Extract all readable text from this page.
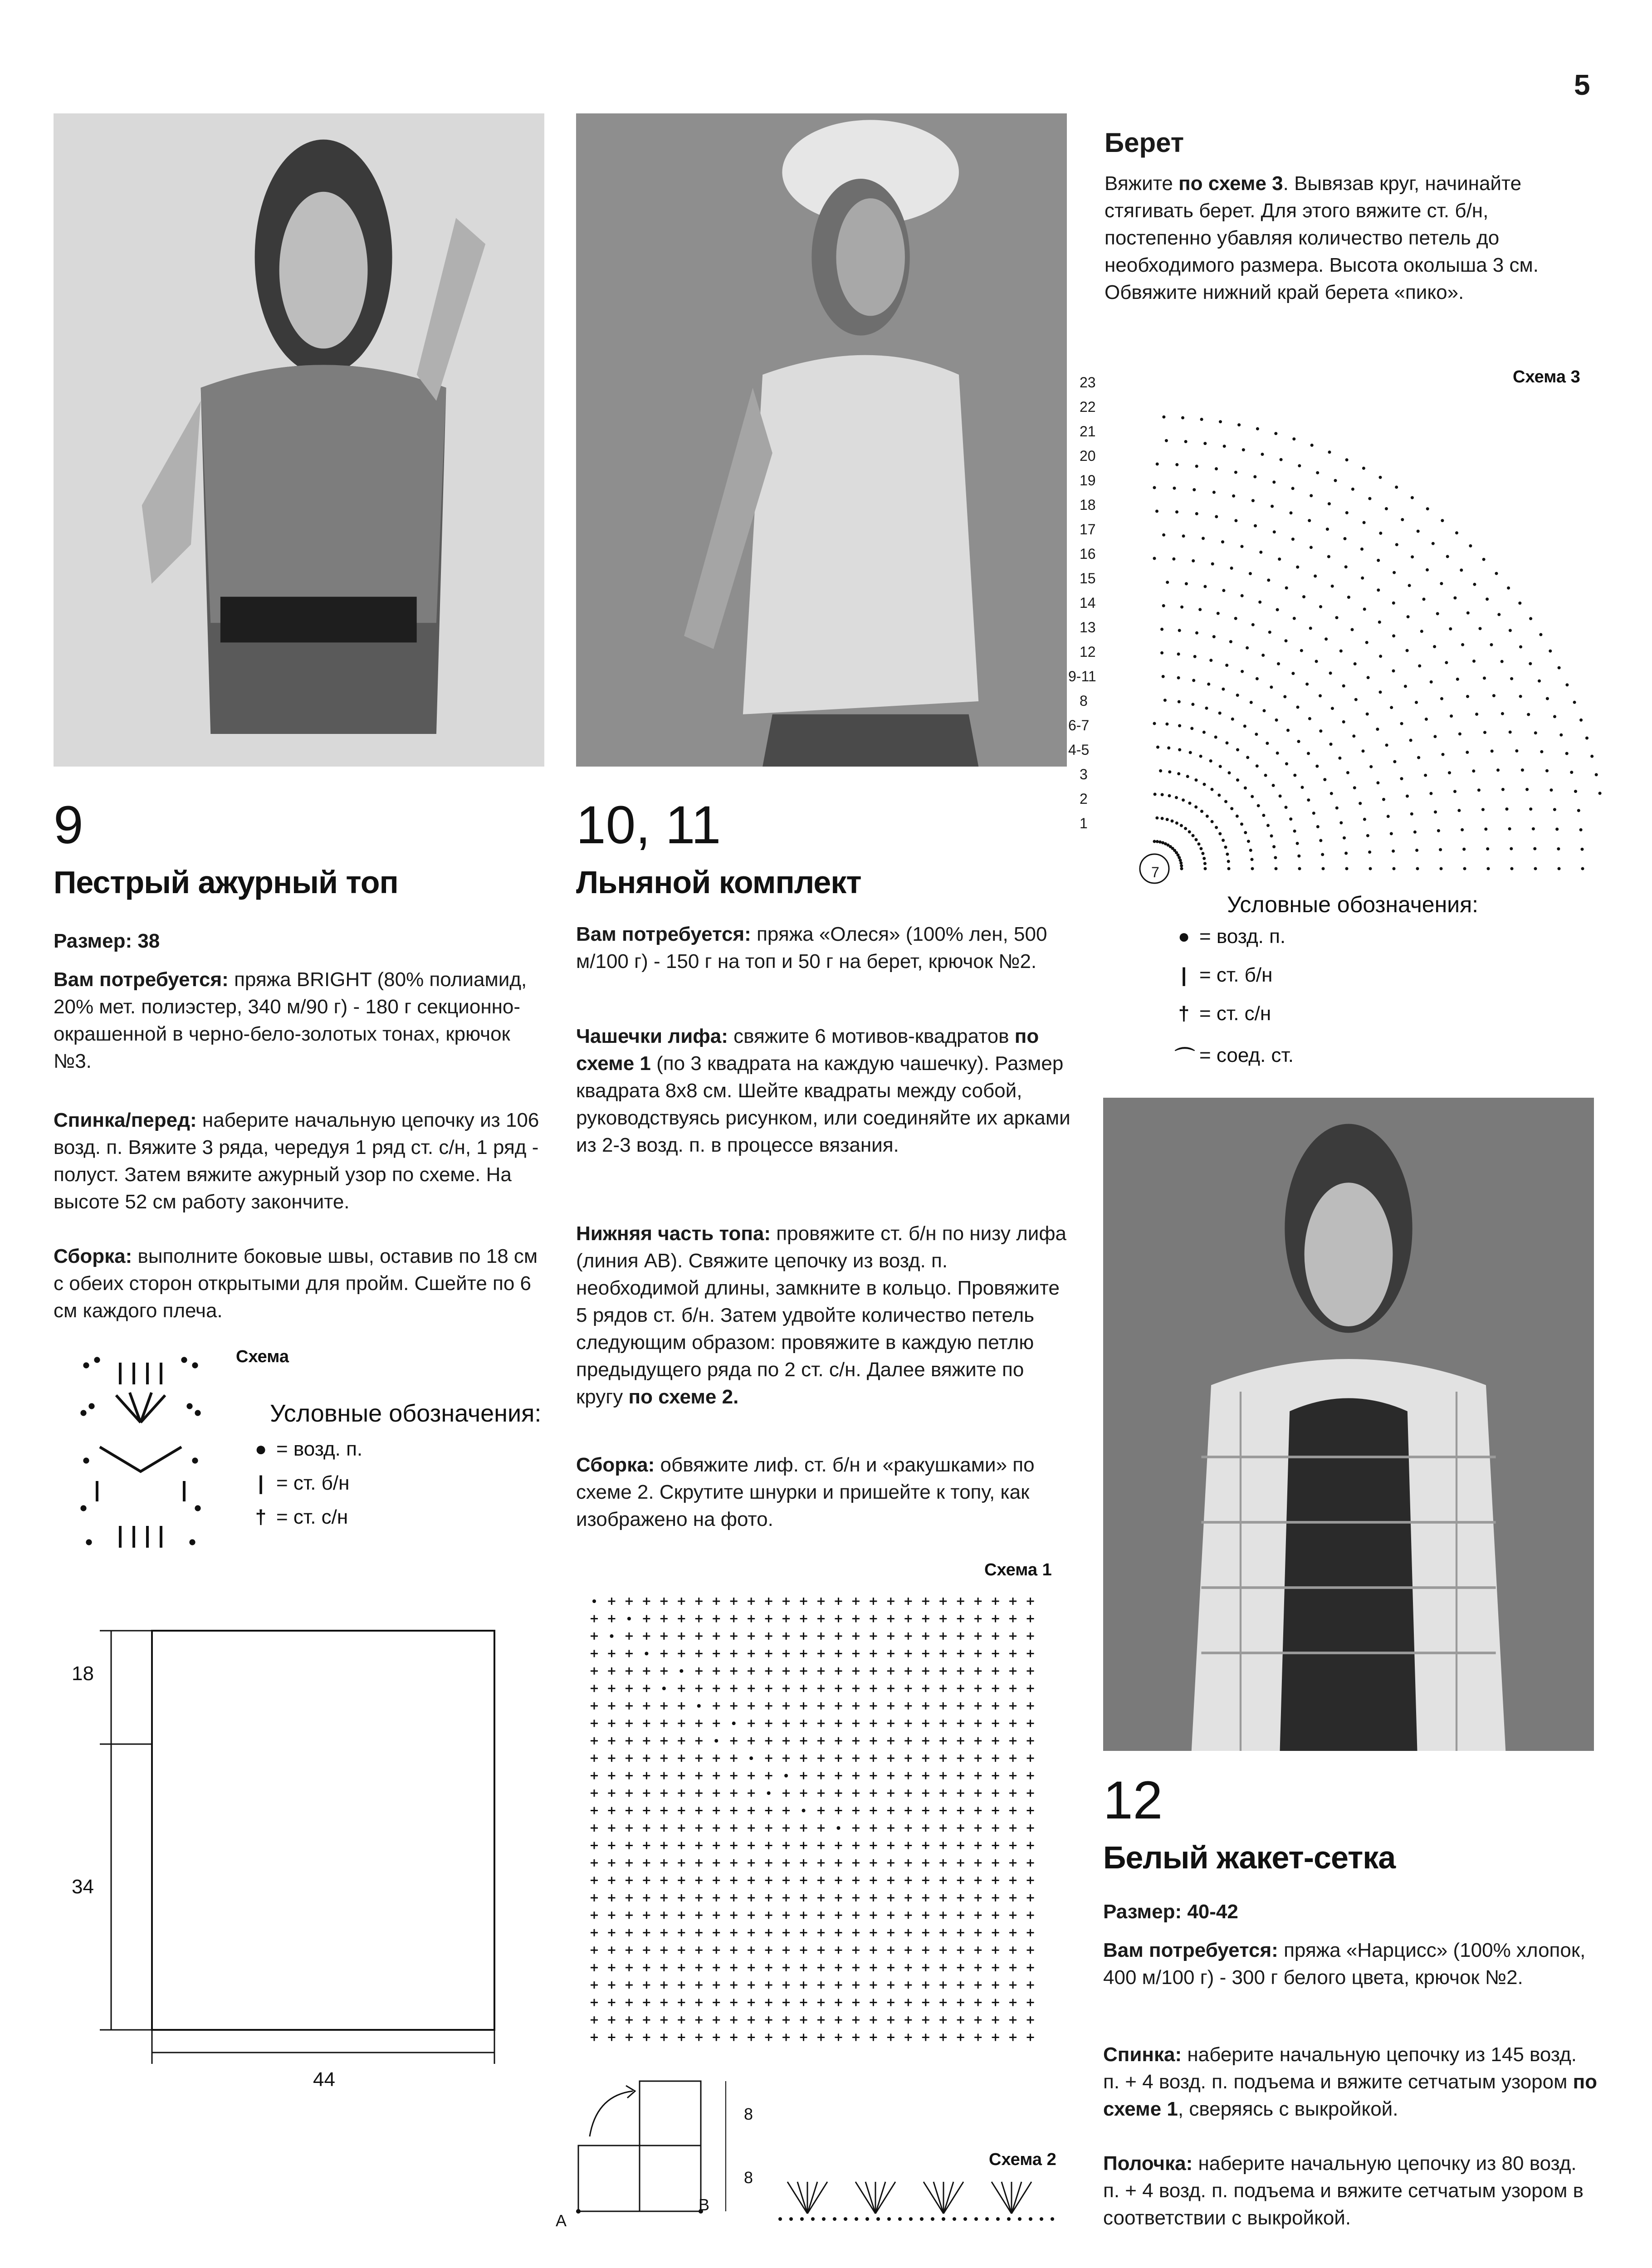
5
9
Пестрый ажурный топ
Размер: 38
Вам потребуется: пряжа BRIGHT (80% полиамид, 20% мет. полиэстер, 340 м/90 г) - 180 г секционно-окрашенной в черно-бело-золотых тонах, крючок №3.
Спинка/перед: наберите начальную цепочку из 106 возд. п. Вяжите 3 ряда, чередуя 1 ряд ст. с/н, 1 ряд - полуст. Затем вяжите ажурный узор по схеме. На высоте 52 см работу закончите.
Сборка: выполните боковые швы, оставив по 18 см с обеих сторон открытыми для пройм. Сшейте по 6 см каждого плеча.
Схема
Условные обозначения:
● = возд. п.
| = ст. б/н
† = ст. с/н
18
34
44
10, 11
Льняной комплект
Вам потребуется: пряжа «Олеся» (100% лен, 500 м/100 г) - 150 г на топ и 50 г на берет, крючок №2.
Чашечки лифа: свяжите 6 мотивов-квадратов по схеме 1 (по 3 квадрата на каждую чашечку). Размер квадрата 8х8 см. Шейте квадраты между собой, руководствуясь рисунком, или соединяйте их арками из 2-3 возд. п. в процессе вязания.
Нижняя часть топа: провяжите ст. б/н по низу лифа (линия АВ). Свяжите цепочку из возд. п. необходимой длины, замкните в кольцо. Провяжите 5 рядов ст. б/н. Затем удвойте количество петель следующим образом: провяжите в каждую петлю предыдущего ряда по 2 ст. с/н. Далее вяжите по кругу по схеме 2.
Сборка: обвяжите лиф. ст. б/н и «ракушками» по схеме 2. Скрутите шнурки и пришейте к топу, как изображено на фото.
Схема 1
8
8
A
B
Схема 2
Берет
Вяжите по схеме 3. Вывязав круг, начинайте стягивать берет. Для этого вяжите ст. б/н, постепенно убавляя количество петель до необходимого размера. Высота околыша 3 см. Обвяжите нижний край берета «пико».
Схема 3
23
22
21
20
19
18
17
16
15
14
13
12
9-11
8
6-7
4-5
3
2
1
7
Условные обозначения:
● = возд. п.
| = ст. б/н
† = ст. с/н
⌒ = соед. ст.
12
Белый жакет-сетка
Размер: 40-42
Вам потребуется: пряжа «Нарцисс» (100% хлопок, 400 м/100 г) - 300 г белого цвета, крючок №2.
Спинка: наберите начальную цепочку из 145 возд. п. + 4 возд. п. подъема и вяжите сетчатым узором по схеме 1, сверяясь с выкройкой.
Полочка: наберите начальную цепочку из 80 возд. п. + 4 возд. п. подъема и вяжите сетчатым узором в соответствии с выкройкой.
